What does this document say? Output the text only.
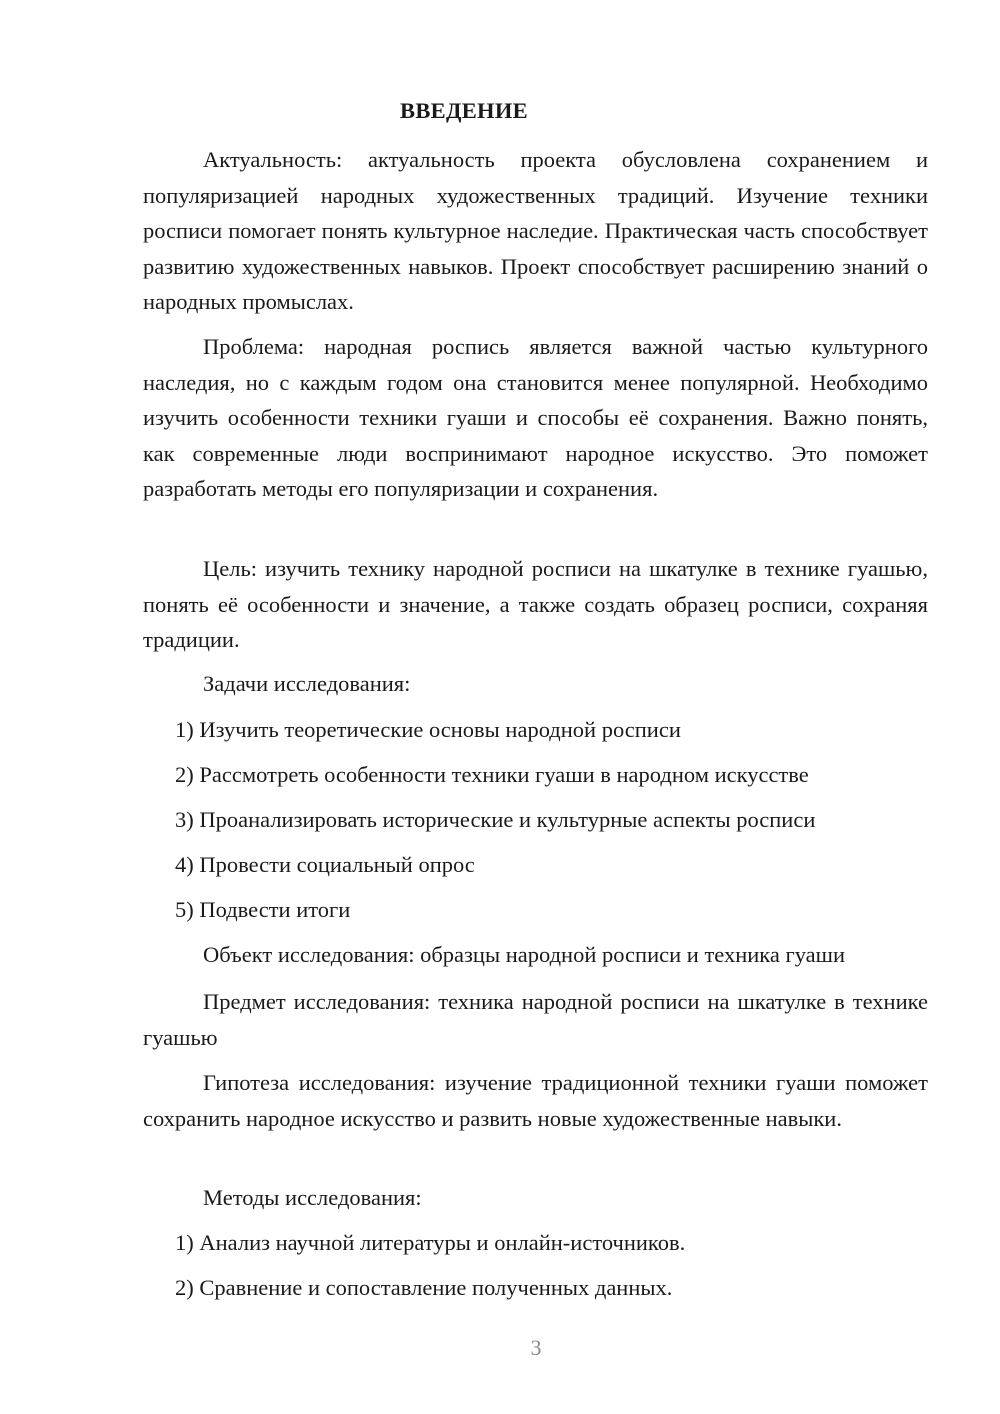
ВВЕДЕНИЕ

Актуальность: актуальность проекта обусловлена сохранением и популяризацией народных художественных традиций. Изучение техники росписи помогает понять культурное наследие. Практическая часть способствует развитию художественных навыков. Проект способствует расширению знаний о народных промыслах.

Проблема: народная роспись является важной частью культурного наследия, но с каждым годом она становится менее популярной. Необходимо изучить особенности техники гуаши и способы её сохранения. Важно понять, как современные люди воспринимают народное искусство. Это поможет разработать методы его популяризации и сохранения.

Цель: изучить технику народной росписи на шкатулке в технике гуашью, понять её особенности и значение, а также создать образец росписи, сохраняя традиции.

Задачи исследования:

1) Изучить теоретические основы народной росписи

2) Рассмотреть особенности техники гуаши в народном искусстве

3) Проанализировать исторические и культурные аспекты росписи

4) Провести социальный опрос

5) Подвести итоги

Объект исследования: образцы народной росписи и техника гуаши

Предмет исследования: техника народной росписи на шкатулке в технике гуашью

Гипотеза исследования: изучение традиционной техники гуаши поможет сохранить народное искусство и развить новые художественные навыки.

Методы исследования:

1) Анализ научной литературы и онлайн-источников.

2) Сравнение и сопоставление полученных данных.

3
